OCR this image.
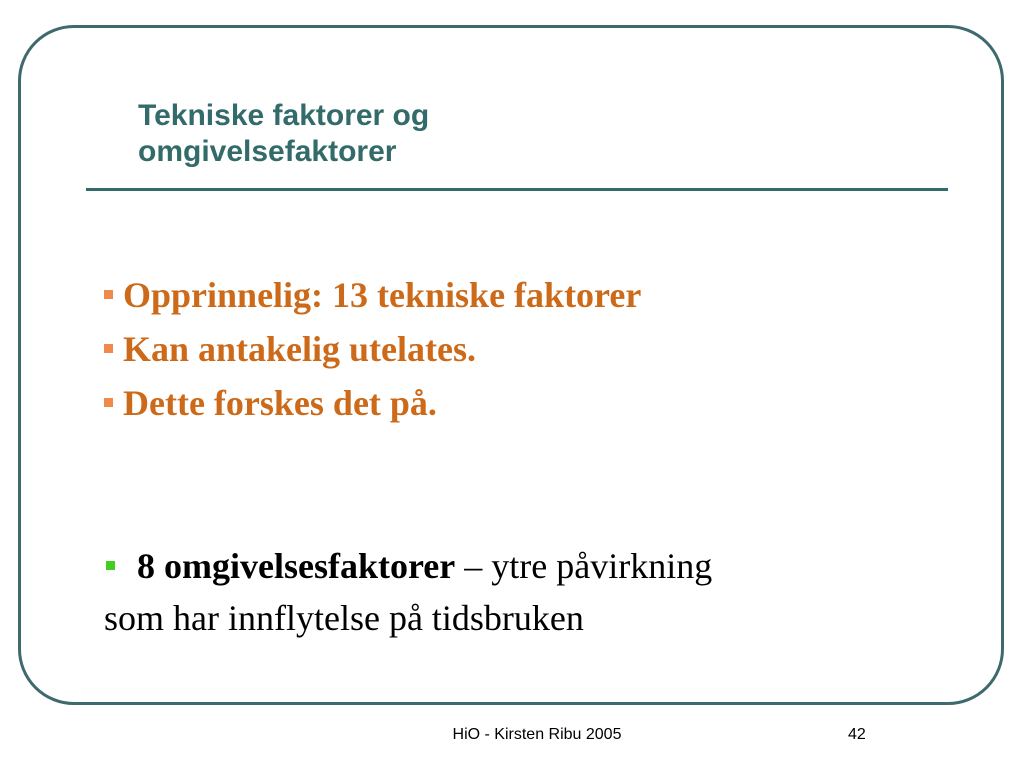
Tekniske faktorer og
omgivelsefaktorer
Opprinnelig: 13 tekniske faktorer
Kan antakelig utelates.
Dette forskes det på.
8 omgivelsesfaktorer – ytre påvirkning
som har innflytelse på tidsbruken
HiO - Kirsten Ribu 2005	42
